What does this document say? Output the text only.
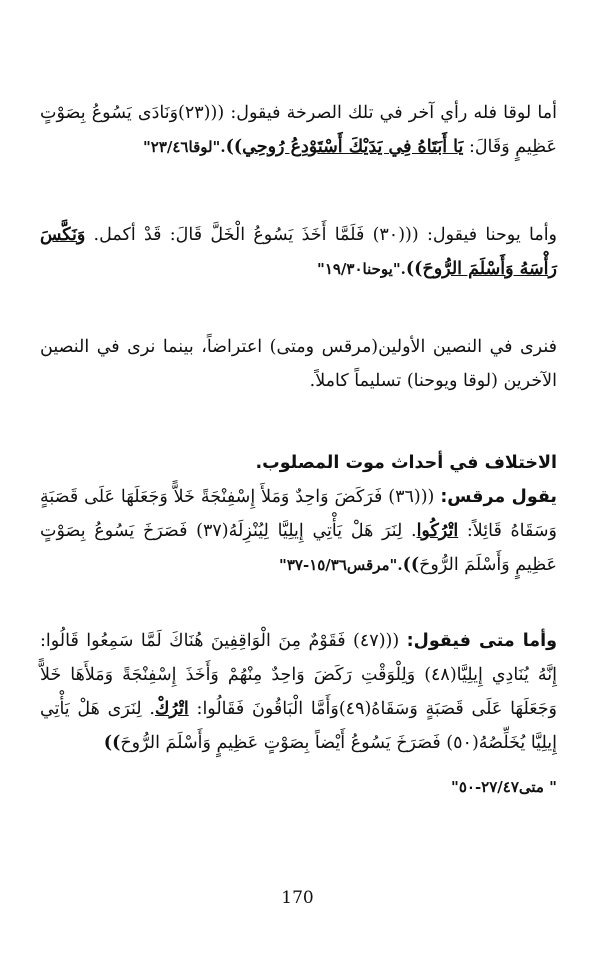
أما لوقا فله رأي آخر في تلك الصرخة فيقول: (((٢٣)وَنَادَى يَسُوعُ بِصَوْتٍ عَظِيمٍ وَقَالَ: يَا أَبَتَاهُ فِي يَدَيْكَ أَسْتَوْدِعُ رُوحِي))."لوقا٢٣/٤٦"

وأما يوحنا فيقول: (((٣٠) فَلَمَّا أَخَذَ يَسُوعُ الْخَلَّ قَالَ: قَدْ أكمل. وَنَكَّسَ رَأْسَهُ وَأَسْلَمَ الرُّوحَ))."يوحنا١٩/٣٠"

فنرى في النصين الأولين(مرقس ومتى) اعتراضاً، بينما نرى في النصين الآخرين (لوقا ويوحنا) تسليماً كاملاً.

الاختلاف في أحداث موت المصلوب.

يقول مرقس: (((٣٦) فَرَكَضَ وَاحِدٌ وَمَلأَ إِسْفِنْجَةً خَلاًّ وَجَعَلَهَا عَلَى قَصَبَةٍ وَسَقَاهُ قَائِلاً: اتْرُكُوا. لِنَرَ هَلْ يَأْتِي إِيلِيَّا لِيُنْزِلَهُ(٣٧) فَصَرَخَ يَسُوعُ بِصَوْتٍ عَظِيمٍ وَأَسْلَمَ الرُّوحَ))."مرقس١٥/٣٦-٣٧"

وأما متى فيقول: (((٤٧) فَقَوْمٌ مِنَ الْوَاقِفِينَ هُنَاكَ لَمَّا سَمِعُوا قَالُوا: إِنَّهُ يُنَادِي إِيلِيَّا(٤٨) وَلِلْوَقْتِ رَكَضَ وَاحِدٌ مِنْهُمْ وَأَخَذَ إِسْفِنْجَةً وَمَلأَهَا خَلاًّ وَجَعَلَهَا عَلَى قَصَبَةٍ وَسَقَاهُ(٤٩)وَأَمَّا الْبَاقُونَ فَقَالُوا: اتْرُكْ. لِنَرَى هَلْ يَأْتِي إِيلِيَّا يُخَلِّصُهُ(٥٠) فَصَرَخَ يَسُوعُ أَيْضاً بِصَوْتٍ عَظِيمٍ وَأَسْلَمَ الرُّوحَ))

" متى٢٧/٤٧-٥٠"

170
